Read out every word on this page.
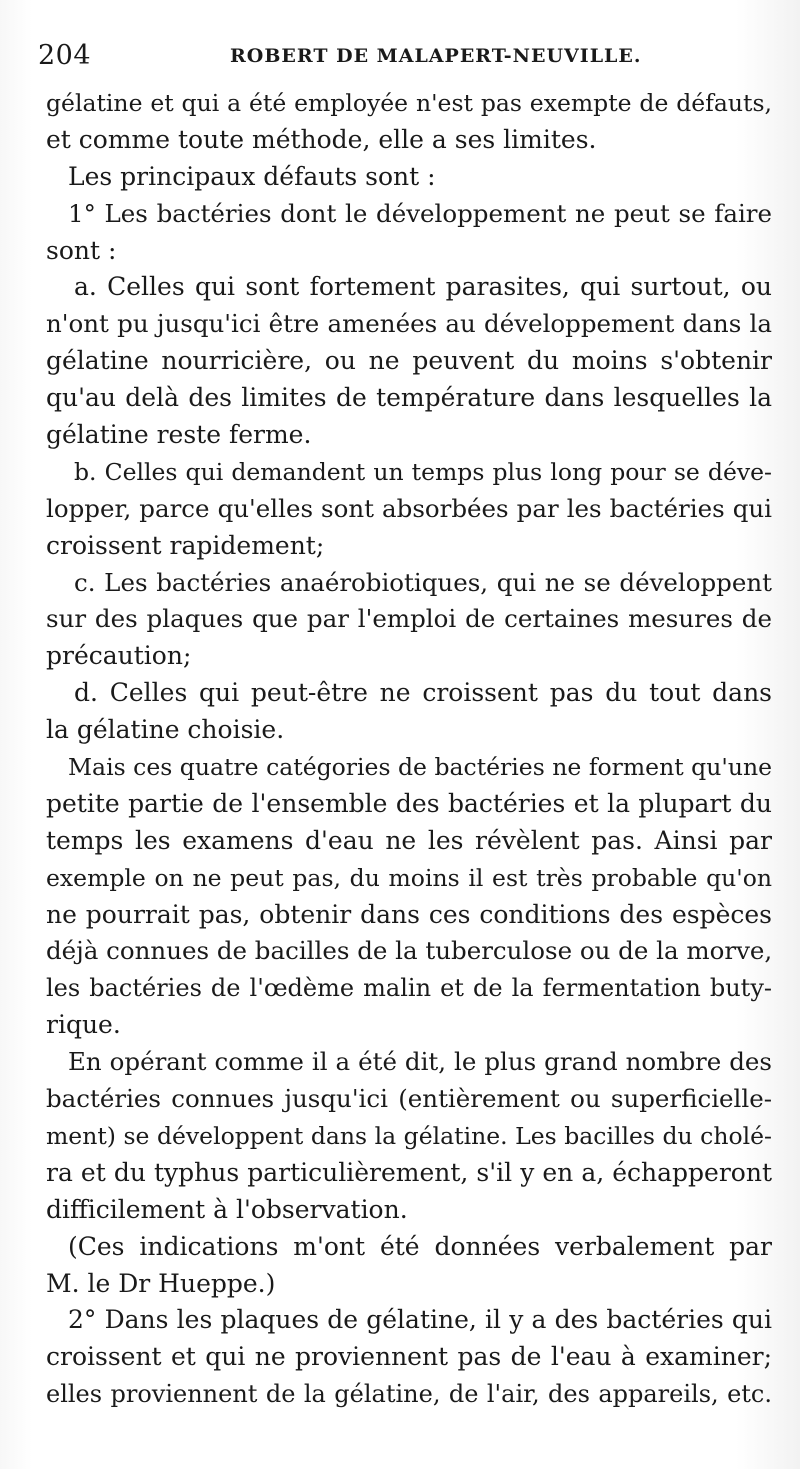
204	ROBERT DE MALAPERT-NEUVILLE.
gélatine et qui a été employée n'est pas exempte de défauts,
et comme toute méthode, elle a ses limites.
Les principaux défauts sont :
1° Les bactéries dont le développement ne peut se faire
sont :
a. Celles qui sont fortement parasites, qui surtout, ou
n'ont pu jusqu'ici être amenées au développement dans la
gélatine nourricière, ou ne peuvent du moins s'obtenir
qu'au delà des limites de température dans lesquelles la
gélatine reste ferme.
b. Celles qui demandent un temps plus long pour se déve-
lopper, parce qu'elles sont absorbées par les bactéries qui
croissent rapidement;
c. Les bactéries anaérobiotiques, qui ne se développent
sur des plaques que par l'emploi de certaines mesures de
précaution;
d. Celles qui peut-être ne croissent pas du tout dans
la gélatine choisie.
Mais ces quatre catégories de bactéries ne forment qu'une
petite partie de l'ensemble des bactéries et la plupart du
temps les examens d'eau ne les révèlent pas. Ainsi par
exemple on ne peut pas, du moins il est très probable qu'on
ne pourrait pas, obtenir dans ces conditions des espèces
déjà connues de bacilles de la tuberculose ou de la morve,
les bactéries de l'œdème malin et de la fermentation buty-
rique.
En opérant comme il a été dit, le plus grand nombre des
bactéries connues jusqu'ici (entièrement ou superficielle-
ment) se développent dans la gélatine. Les bacilles du cholé-
ra et du typhus particulièrement, s'il y en a, échapperont
difficilement à l'observation.
(Ces indications m'ont été données verbalement par
M. le Dr Hueppe.)
2° Dans les plaques de gélatine, il y a des bactéries qui
croissent et qui ne proviennent pas de l'eau à examiner;
elles proviennent de la gélatine, de l'air, des appareils, etc.
